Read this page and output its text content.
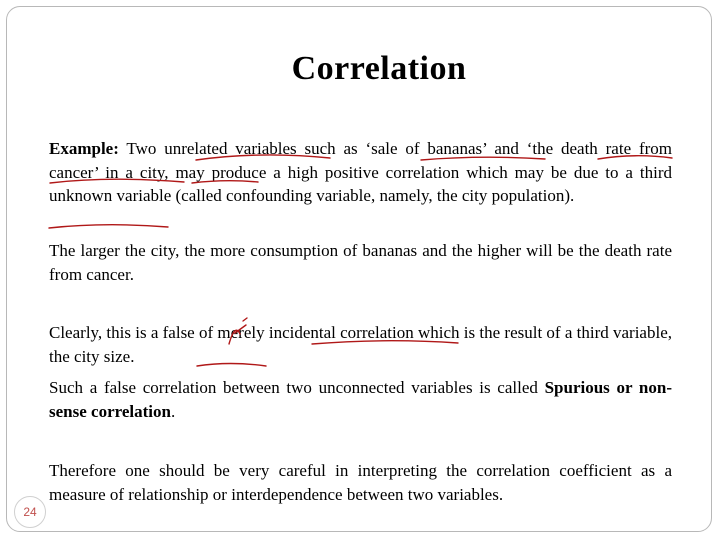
Correlation

Example: Two unrelated variables such as ‘sale of bananas’ and ‘the death rate from cancer’ in a city, may produce a high positive correlation which may be due to a third unknown variable (called confounding variable, namely, the city population).

The larger the city, the more consumption of bananas and the higher will be the death rate from cancer.

Clearly, this is a false of merely incidental correlation which is the result of a third variable, the city size.

Such a false correlation between two unconnected variables is called Spurious or non-sense correlation.

Therefore one should be very careful in interpreting the correlation coefficient as a measure of relationship or interdependence between two variables.

24
